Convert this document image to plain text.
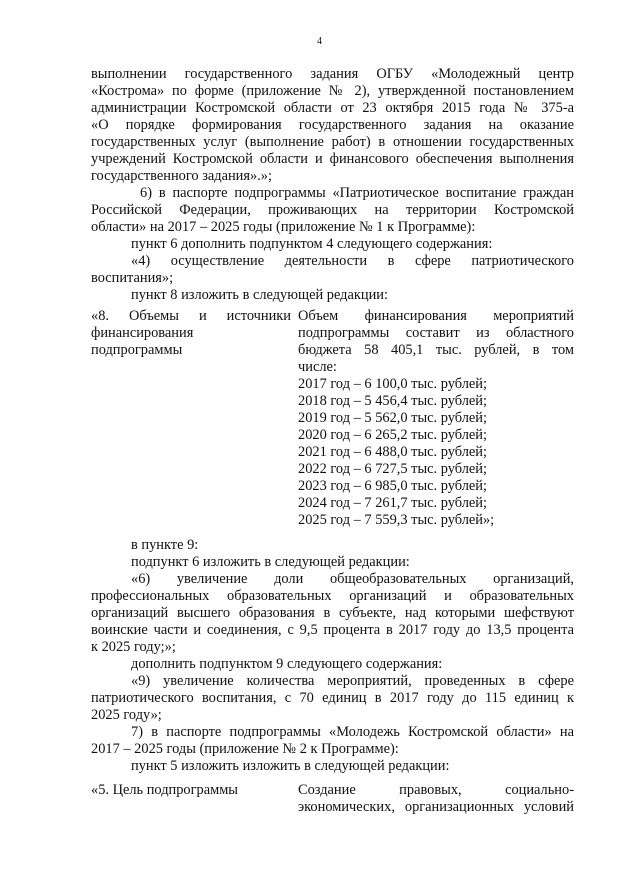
4
выполнении государственного задания ОГБУ «Молодежный центр
«Кострома» по форме (приложение № 2), утвержденной постановлением
администрации Костромской области от 23 октября 2015 года № 375-а
«О порядке формирования государственного задания на оказание
государственных услуг (выполнение работ) в отношении государственных
учреждений Костромской области и финансового обеспечения выполнения
государственного задания».»;
6) в паспорте подпрограммы «Патриотическое воспитание граждан
Российской Федерации, проживающих на территории Костромской
области» на 2017 – 2025 годы (приложение № 1 к Программе):
пункт 6 дополнить подпунктом 4 следующего содержания:
«4) осуществление деятельности в сфере патриотического
воспитания»;
пункт 8 изложить в следующей редакции:
«8. Объемы и источники
финансирования
подпрограммы
Объем финансирования мероприятий
подпрограммы составит из областного
бюджета 58 405,1 тыс. рублей, в том
числе:
2017 год – 6 100,0 тыс. рублей;
2018 год – 5 456,4 тыс. рублей;
2019 год – 5 562,0 тыс. рублей;
2020 год – 6 265,2 тыс. рублей;
2021 год – 6 488,0 тыс. рублей;
2022 год – 6 727,5 тыс. рублей;
2023 год – 6 985,0 тыс. рублей;
2024 год – 7 261,7 тыс. рублей;
2025 год – 7 559,3 тыс. рублей»;
в пункте 9:
подпункт 6 изложить в следующей редакции:
«6) увеличение доли общеобразовательных организаций,
профессиональных образовательных организаций и образовательных
организаций высшего образования в субъекте, над которыми шефствуют
воинские части и соединения, с 9,5 процента в 2017 году до 13,5 процента
к 2025 году;»;
дополнить подпунктом 9 следующего содержания:
«9) увеличение количества мероприятий, проведенных в сфере
патриотического воспитания, с 70 единиц в 2017 году до 115 единиц к
2025 году»;
7) в паспорте подпрограммы «Молодежь Костромской области» на
2017 – 2025 годы (приложение № 2 к Программе):
пункт 5 изложить изложить в следующей редакции:
«5. Цель подпрограммы	Создание правовых, социально-
экономических, организационных условий
